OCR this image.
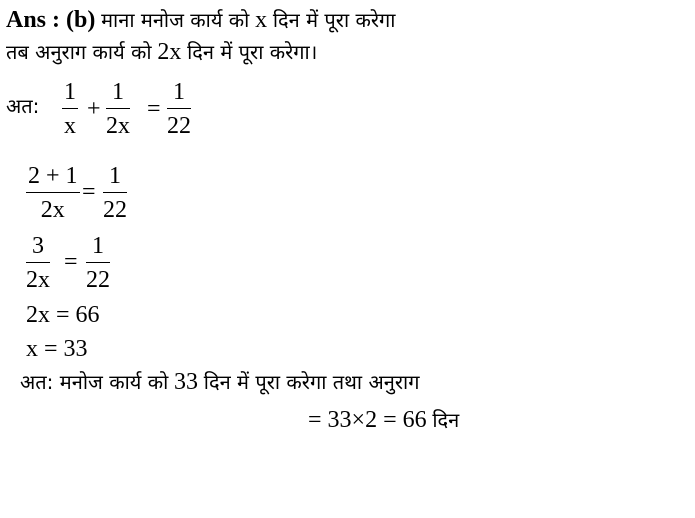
Ans : (b) माना मनोज कार्य को x दिन में पूरा करेगा
तब अनुराग कार्य को 2x दिन में पूरा करेगा।
अत: $\frac{1}{x} + \frac{1}{2x} = \frac{1}{22}$
$\frac{2 + 1}{2x} = \frac{1}{22}$
$\frac{3}{2x} = \frac{1}{22}$
2x = 66
x = 33
अत: मनोज कार्य को 33 दिन में पूरा करेगा तथा अनुराग
= 33×2 = 66 दिन
